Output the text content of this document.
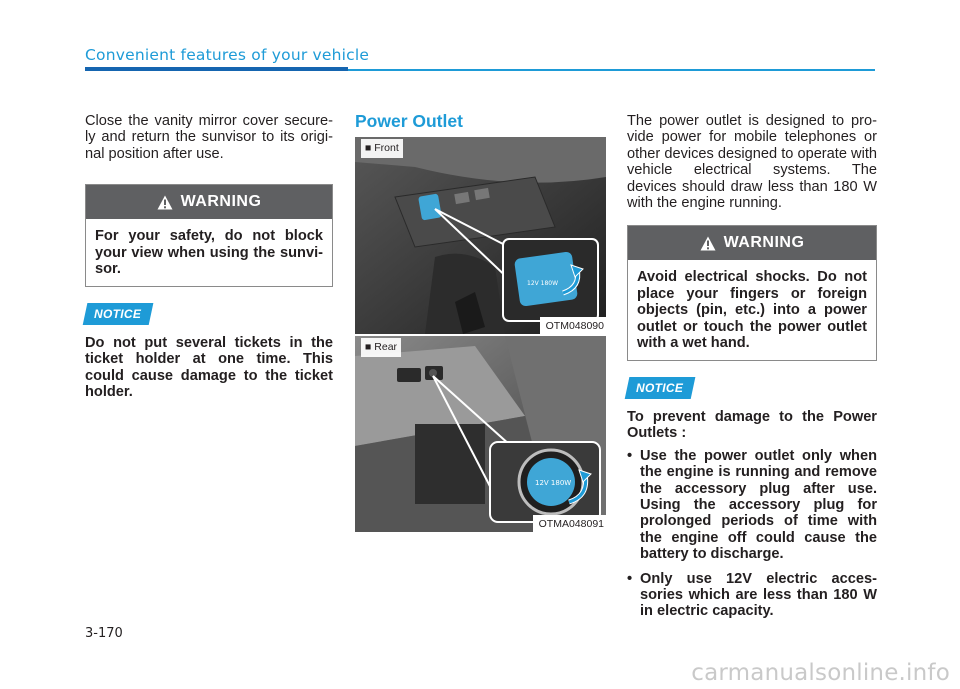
Convenient features of your vehicle

Close the vanity mirror cover secure-ly and return the sunvisor to its origi-nal position after use.

WARNING
For your safety, do not block your view when using the sunvi-sor.
NOTICE

Do not put several tickets in the ticket holder at one time. This could cause damage to the ticket holder.

Power Outlet
12V 180W
■ Front
OTM048090
12V 180W
■ Rear
OTMA048091

The power outlet is designed to pro-vide power for mobile telephones or other devices designed to operate with vehicle electrical systems. The devices should draw less than 180 W with the engine running.

WARNING
Avoid electrical shocks. Do not place your fingers or foreign objects (pin, etc.) into a power outlet or touch the power outlet with a wet hand.
NOTICE

To prevent damage to the Power Outlets :

• Use the power outlet only when the engine is running and remove the accessory plug after use. Using the accessory plug for prolonged periods of time with the engine off could cause the battery to discharge.
• Only use 12V electric acces-sories which are less than 180 W in electric capacity.
3-170
carmanualsonline.info
